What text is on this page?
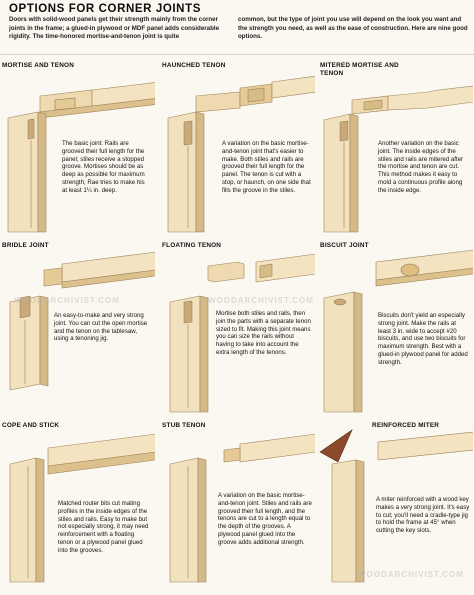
OPTIONS FOR CORNER JOINTS
Doors with solid-wood panels get their strength mainly from the corner joints in the frame; a glued-in plywood or MDF panel adds considerable rigidity. The time-honored mortise-and-tenon joint is quite
common, but the type of joint you use will depend on the look you want and the strength you need, as well as the ease of construction. Here are nine good options.
MORTISE AND TENON
The basic joint: Rails are grooved their full length for the panel; stiles receive a stopped groove. Mortises should be as deep as possible for maximum strength; Rae tries to make his at least 1¼ in. deep.
HAUNCHED TENON
A variation on the basic mortise-and-tenon joint that's easier to make. Both stiles and rails are grooved their full length for the panel. The tenon is cut with a stop, or haunch, on one side that fills the groove in the stiles.
MITERED MORTISE AND TENON
Another variation on the basic joint. The inside edges of the stiles and rails are mitered after the mortise and tenon are cut. This method makes it easy to mold a continuous profile along the inside edge.
BRIDLE JOINT
WOODARCHIVIST.COM
An easy-to-make and very strong joint. You can cut the open mortise and the tenon on the tablesaw, using a tenoning jig.
FLOATING TENON
WOODARCHIVIST.COM
Mortise both stiles and rails, then join the parts with a separate tenon sized to fit. Making this joint means you can size the rails without having to take into account the extra length of the tenons.
BISCUIT JOINT
Biscuits don't yield an especially strong joint. Make the rails at least 3 in. wide to accept #20 biscuits, and use two biscuits for maximum strength. Best with a glued-in plywood panel for added strength.
COPE AND STICK
Matched router bits cut mating profiles in the inside edges of the stiles and rails. Easy to make but not especially strong, it may need reinforcement with a floating tenon or a plywood panel glued into the grooves.
STUB TENON
A variation on the basic mortise-and-tenon joint. Stiles and rails are grooved their full length, and the tenons are cut to a length equal to the depth of the grooves. A plywood panel glued into the groove adds additional strength.
REINFORCED MITER
A miter reinforced with a wood key makes a very strong joint. It's easy to cut; you'll need a cradle-type jig to hold the frame at 45° when cutting the key slots.
WOODARCHIVIST.COM
